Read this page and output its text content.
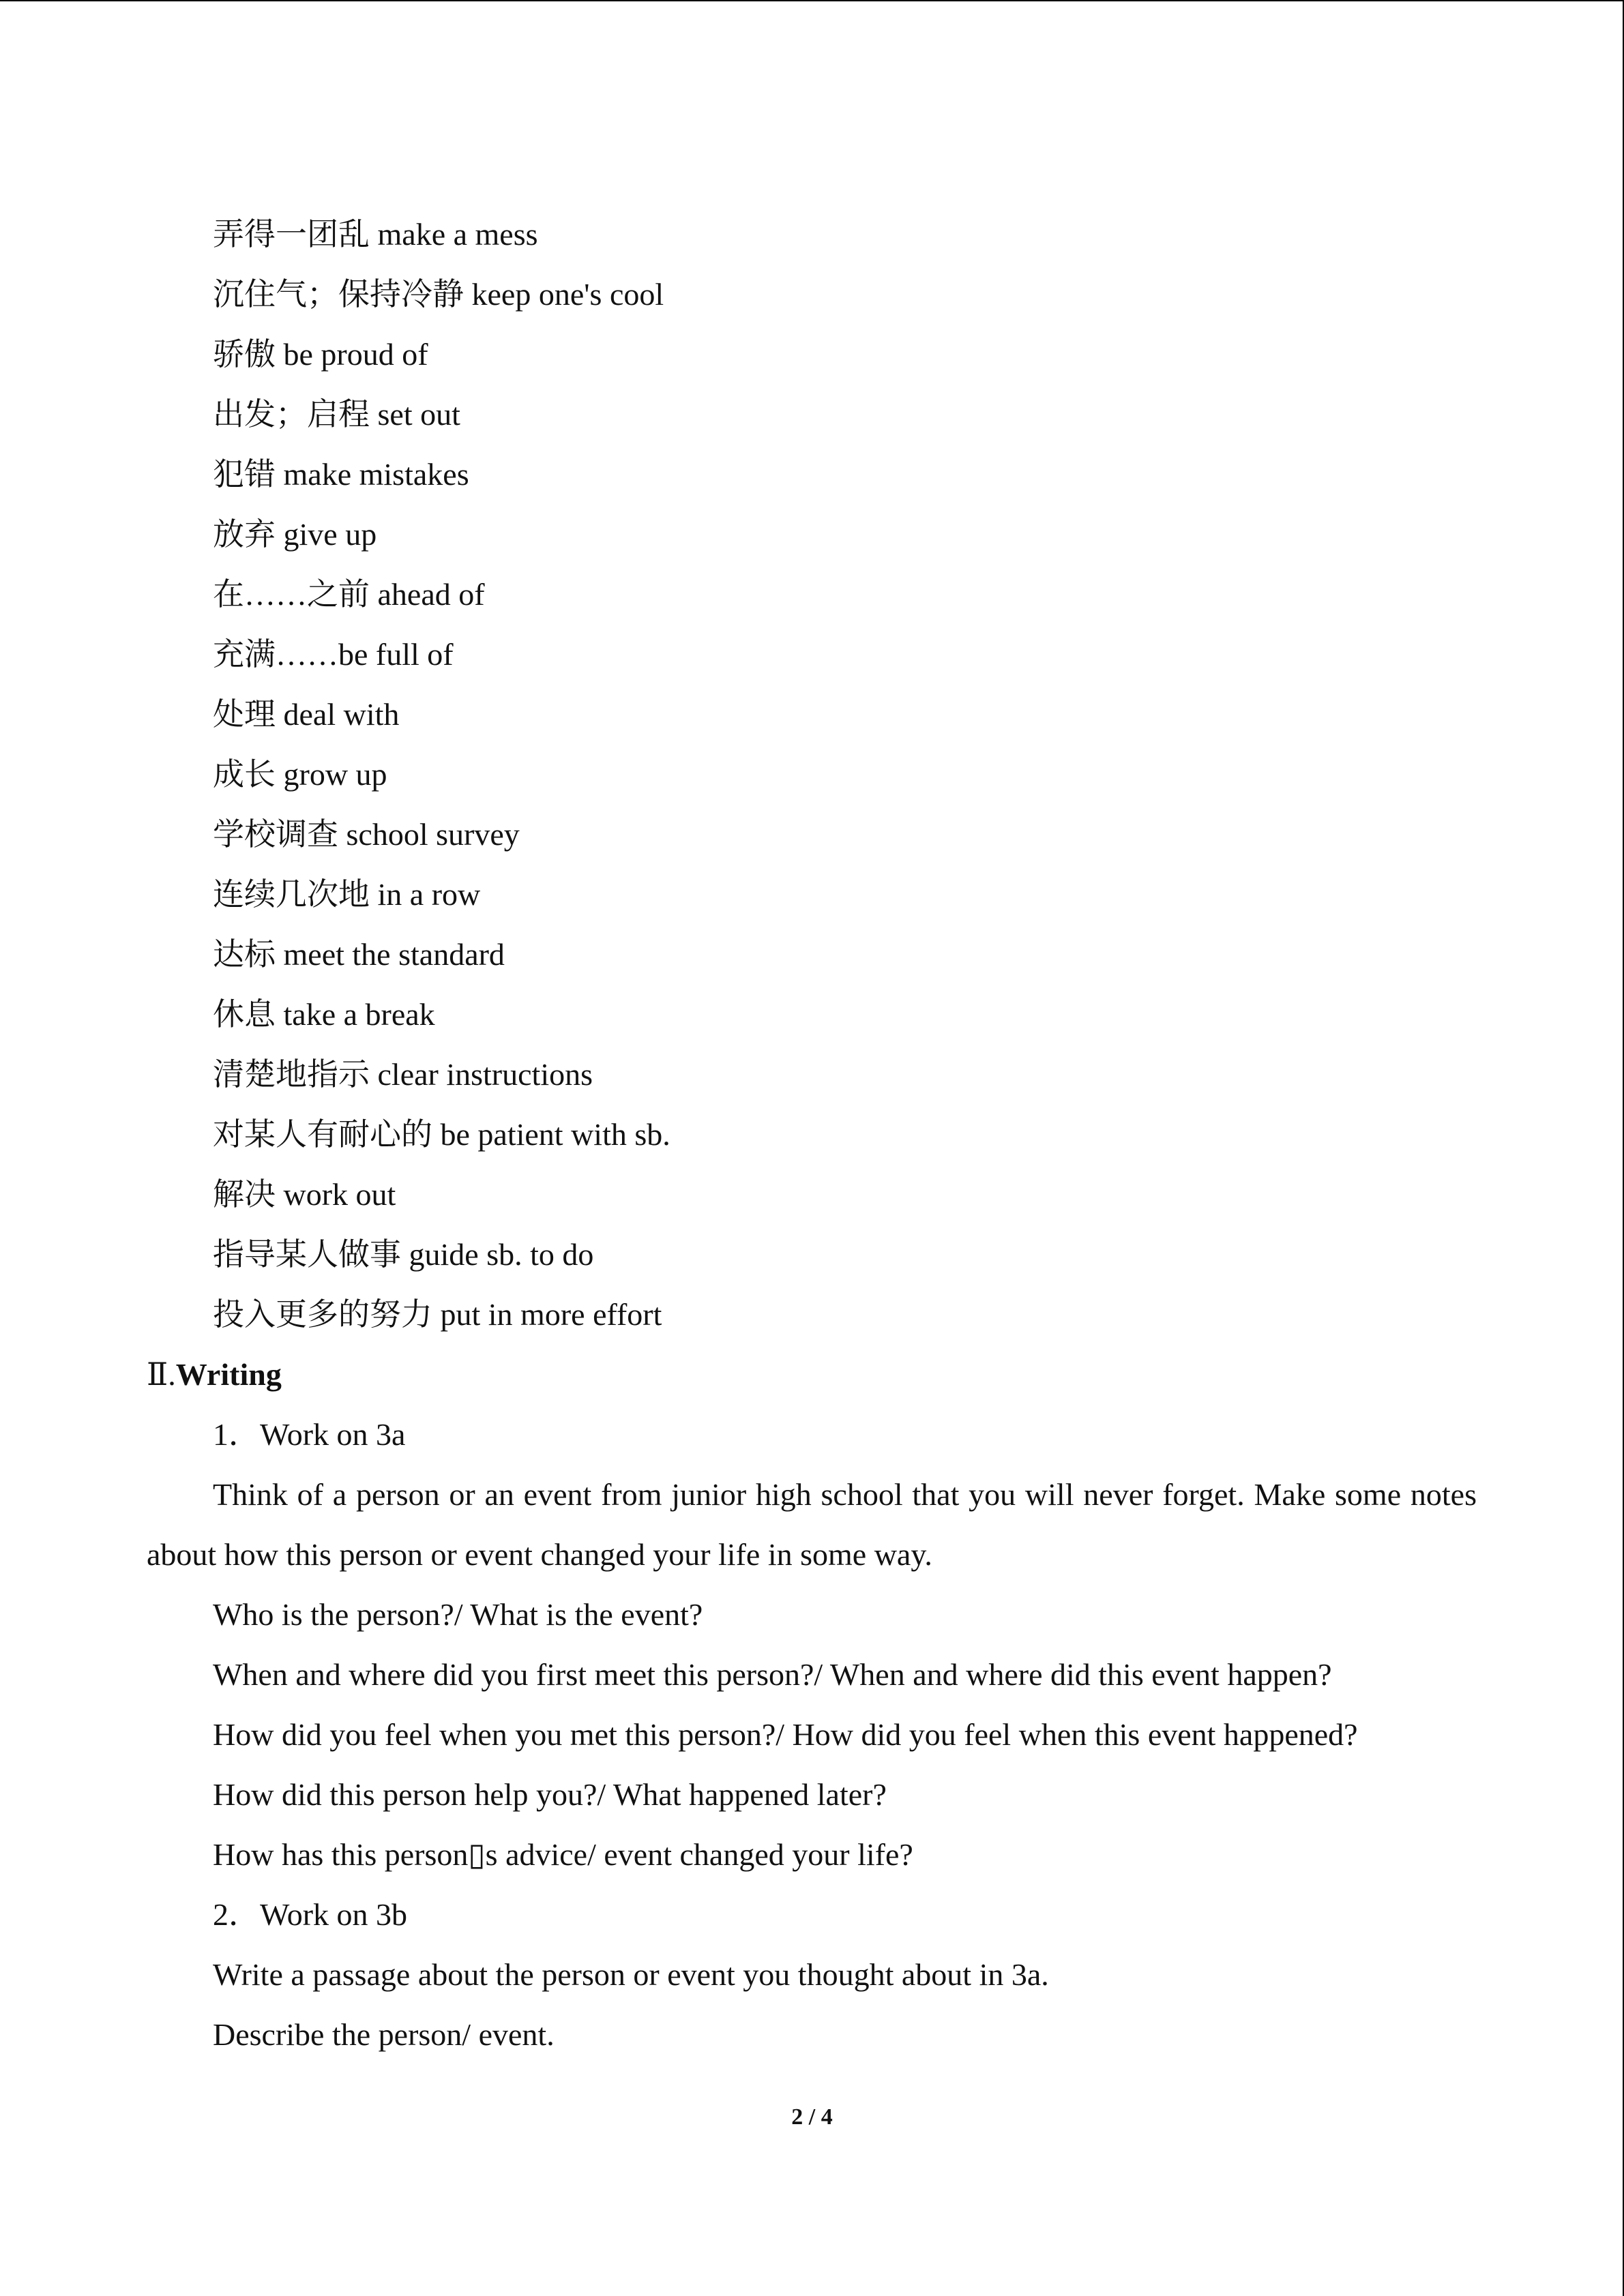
弄得一团乱 make a mess
沉住气；保持冷静 keep one's cool
骄傲 be proud of
出发；启程 set out
犯错 make mistakes
放弃 give up
在……之前 ahead of
充满……be full of
处理 deal with
成长 grow up
学校调查 school survey
连续几次地 in a row
达标 meet the standard
休息 take a break
清楚地指示 clear instructions
对某人有耐心的 be patient with sb.
解决 work out
指导某人做事 guide sb. to do
投入更多的努力 put in more effort
Ⅱ.Writing
1．Work on 3a
Think of a person or an event from junior high school that you will never forget. Make some notes about how this person or event changed your life in some way.
Who is the person?/ What is the event?
When and where did you first meet this person?/ When and where did this event happen?
How did you feel when you met this person?/ How did you feel when this event happened?
How did this person help you?/ What happened later?
How has this person▯s advice/ event changed your life?
2．Work on 3b
Write a passage about the person or event you thought about in 3a.
Describe the person/ event.
2 / 4
